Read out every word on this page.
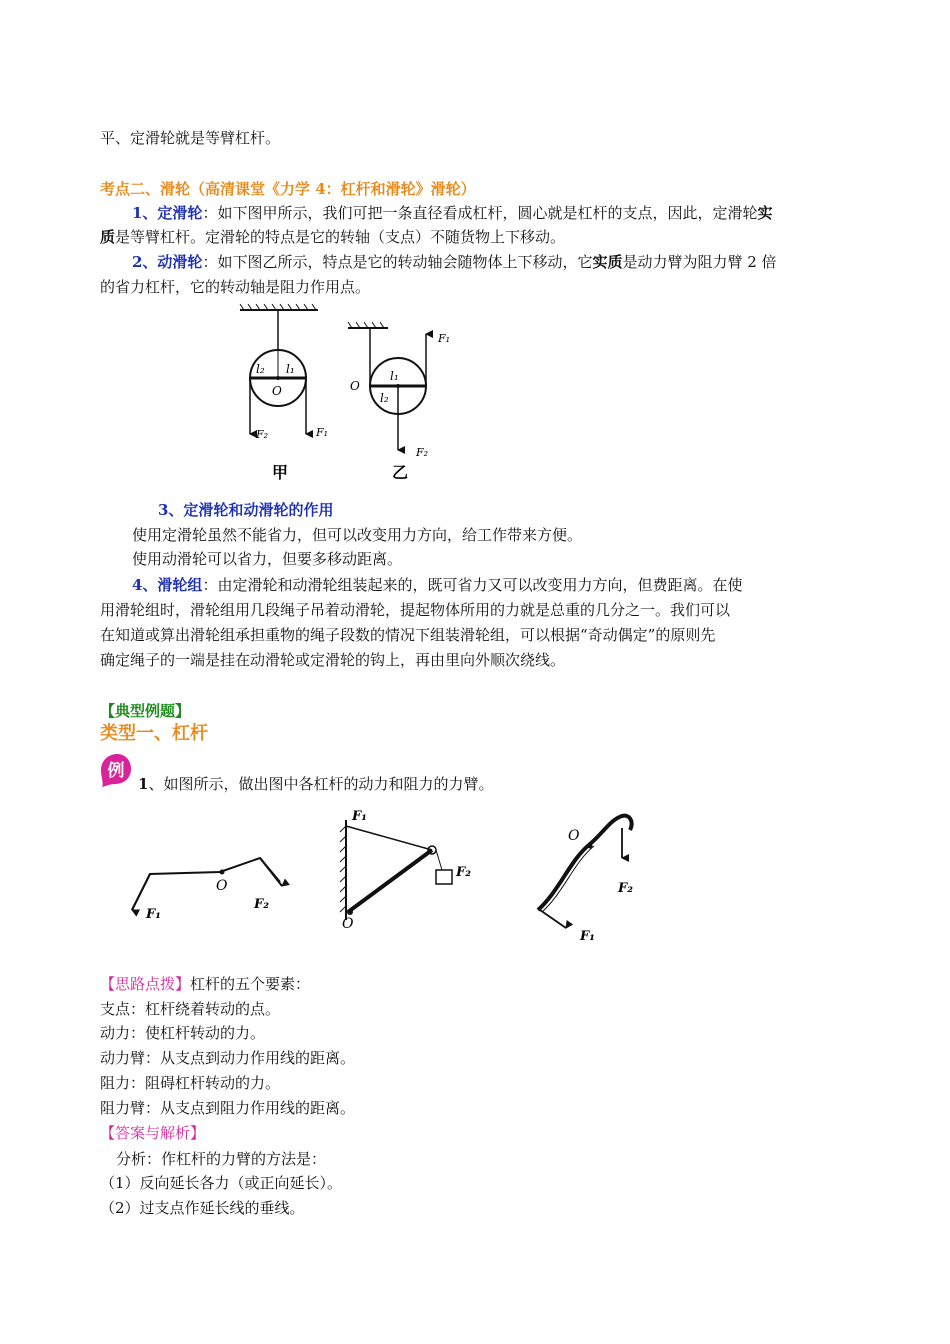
平、定滑轮就是等臂杠杆。
考点二、滑轮（高清课堂《力学 4：杠杆和滑轮》滑轮）
1、定滑轮：如下图甲所示，我们可把一条直径看成杠杆，圆心就是杠杆的支点，因此，定滑轮实
质是等臂杠杆。定滑轮的特点是它的转轴（支点）不随货物上下移动。
2、动滑轮：如下图乙所示，特点是它的转动轴会随物体上下移动，它实质是动力臂为阻力臂 2 倍
的省力杠杆，它的转动轴是阻力作用点。
l₂ l₁
O
F₂	F₁
甲
l₁
l₂
O
F₁
F₂
乙
3、定滑轮和动滑轮的作用
使用定滑轮虽然不能省力，但可以改变用力方向，给工作带来方便。
使用动滑轮可以省力，但要多移动距离。
4、滑轮组：由定滑轮和动滑轮组装起来的，既可省力又可以改变用力方向，但费距离。在使
用滑轮组时，滑轮组用几段绳子吊着动滑轮，提起物体所用的力就是总重的几分之一。我们可以
在知道或算出滑轮组承担重物的绳子段数的情况下组装滑轮组，可以根据“奇动偶定”的原则先
确定绳子的一端是挂在动滑轮或定滑轮的钩上，再由里向外顺次绕线。
【典型例题】
类型一、杠杆
例
1、如图所示，做出图中各杠杆的动力和阻力的力臂。
O
F₁
F₂
O
F₁
F₂
O
F₂
F₁
【思路点拨】杠杆的五个要素：
支点：杠杆绕着转动的点。
动力：使杠杆转动的力。
动力臂：从支点到动力作用线的距离。
阻力：阻碍杠杆转动的力。
阻力臂：从支点到阻力作用线的距离。
【答案与解析】
分析：作杠杆的力臂的方法是：
（1）反向延长各力（或正向延长）。
（2）过支点作延长线的垂线。
